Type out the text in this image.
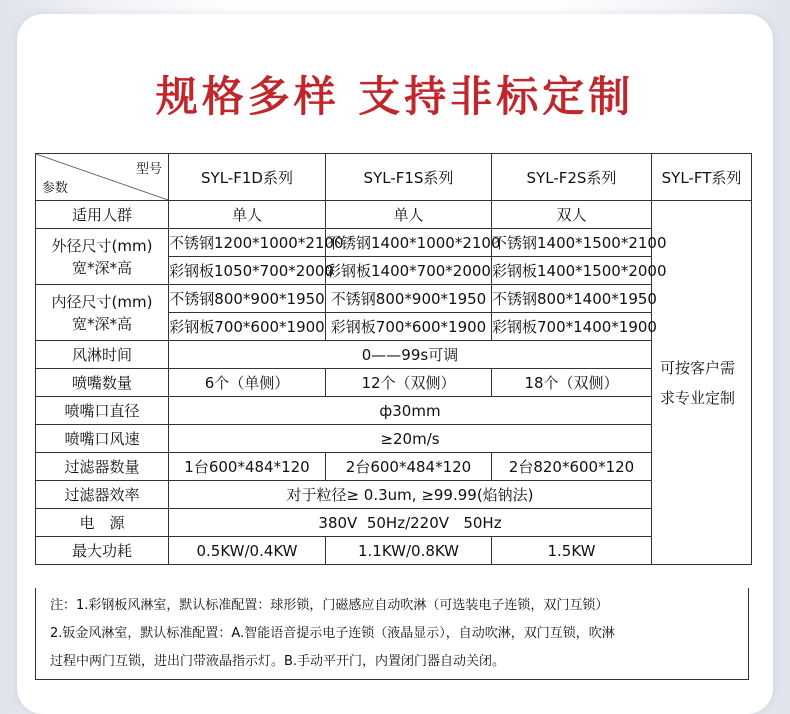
规格多样 支持非标定制
型号
参数	SYL-F1D系列	SYL-F1S系列	SYL-F2S系列	SYL-FT系列
适用人群	单人	单人	双人	可按客户需求专业定制

外径尺寸(mm)
宽*深*高	不锈钢1200*1000*2100	不锈钢1400*1000*2100	不锈钢1400*1500*2100	
	彩钢板1050*700*2000	彩钢板1400*700*2000	彩钢板1400*1500*2000	

内径尺寸(mm)
宽*深*高	不锈钢800*900*1950	不锈钢800*900*1950	不锈钢800*1400*1950	
	彩钢板700*600*1900	彩钢板700*600*1900	彩钢板700*1400*1900	
风淋时间	0——99s可调			
喷嘴数量	6个（单侧）	12个（双侧）	18个（双侧）	
喷嘴口直径	ф30mm			
喷嘴口风速	≥20m/s			
过滤器数量	1台600*484*120	2台600*484*120	2台820*600*120	
过滤器效率	对于粒径≥ 0.3um, ≥99.99(焰钠法)			
电　源	380V  50Hz/220V   50Hz			
最大功耗	0.5KW/0.4KW	1.1KW/0.8KW	1.5KW	
注：1.彩钢板风淋室，默认标准配置：球形锁，门磁感应自动吹淋（可选装电子连锁，双门互锁）
2.钣金风淋室，默认标准配置：A.智能语音提示电子连锁（液晶显示），自动吹淋，双门互锁，吹淋
过程中两门互锁，进出门带液晶指示灯。B.手动平开门，内置闭门器自动关闭。
